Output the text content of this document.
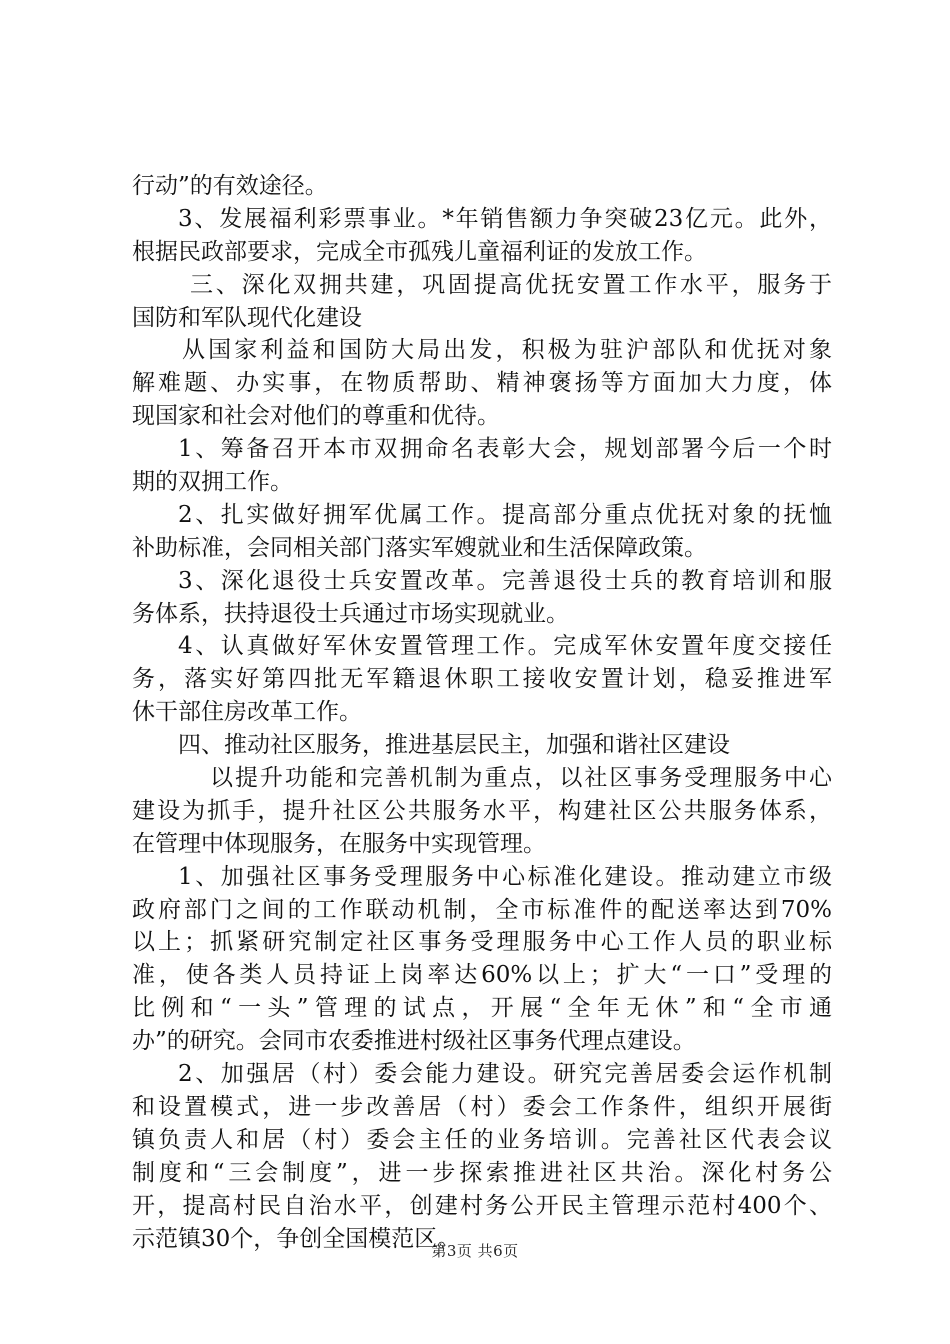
行动”的有效途径。
3、发展福利彩票事业。*年销售额力争突破23亿元。此外，
根据民政部要求，完成全市孤残儿童福利证的发放工作。
三、深化双拥共建，巩固提高优抚安置工作水平，服务于
国防和军队现代化建设
从国家利益和国防大局出发，积极为驻沪部队和优抚对象
解难题、办实事，在物质帮助、精神褒扬等方面加大力度，体
现国家和社会对他们的尊重和优待。
1、筹备召开本市双拥命名表彰大会，规划部署今后一个时
期的双拥工作。
2、扎实做好拥军优属工作。提高部分重点优抚对象的抚恤
补助标准，会同相关部门落实军嫂就业和生活保障政策。
3、深化退役士兵安置改革。完善退役士兵的教育培训和服
务体系，扶持退役士兵通过市场实现就业。
4、认真做好军休安置管理工作。完成军休安置年度交接任
务，落实好第四批无军籍退休职工接收安置计划，稳妥推进军
休干部住房改革工作。
四、推动社区服务，推进基层民主，加强和谐社区建设
以提升功能和完善机制为重点，以社区事务受理服务中心
建设为抓手，提升社区公共服务水平，构建社区公共服务体系，
在管理中体现服务，在服务中实现管理。
1、加强社区事务受理服务中心标准化建设。推动建立市级
政府部门之间的工作联动机制，全市标准件的配送率达到70%
以上；抓紧研究制定社区事务受理服务中心工作人员的职业标
准，使各类人员持证上岗率达60%以上；扩大“一口”受理的
比例和“一头”管理的试点，开展“全年无休”和“全市通
办”的研究。会同市农委推进村级社区事务代理点建设。
2、加强居（村）委会能力建设。研究完善居委会运作机制
和设置模式，进一步改善居（村）委会工作条件，组织开展街
镇负责人和居（村）委会主任的业务培训。完善社区代表会议
制度和“三会制度”，进一步探索推进社区共治。深化村务公
开，提高村民自治水平，创建村务公开民主管理示范村400个、
示范镇30个，争创全国模范区。
第3页 共6页
